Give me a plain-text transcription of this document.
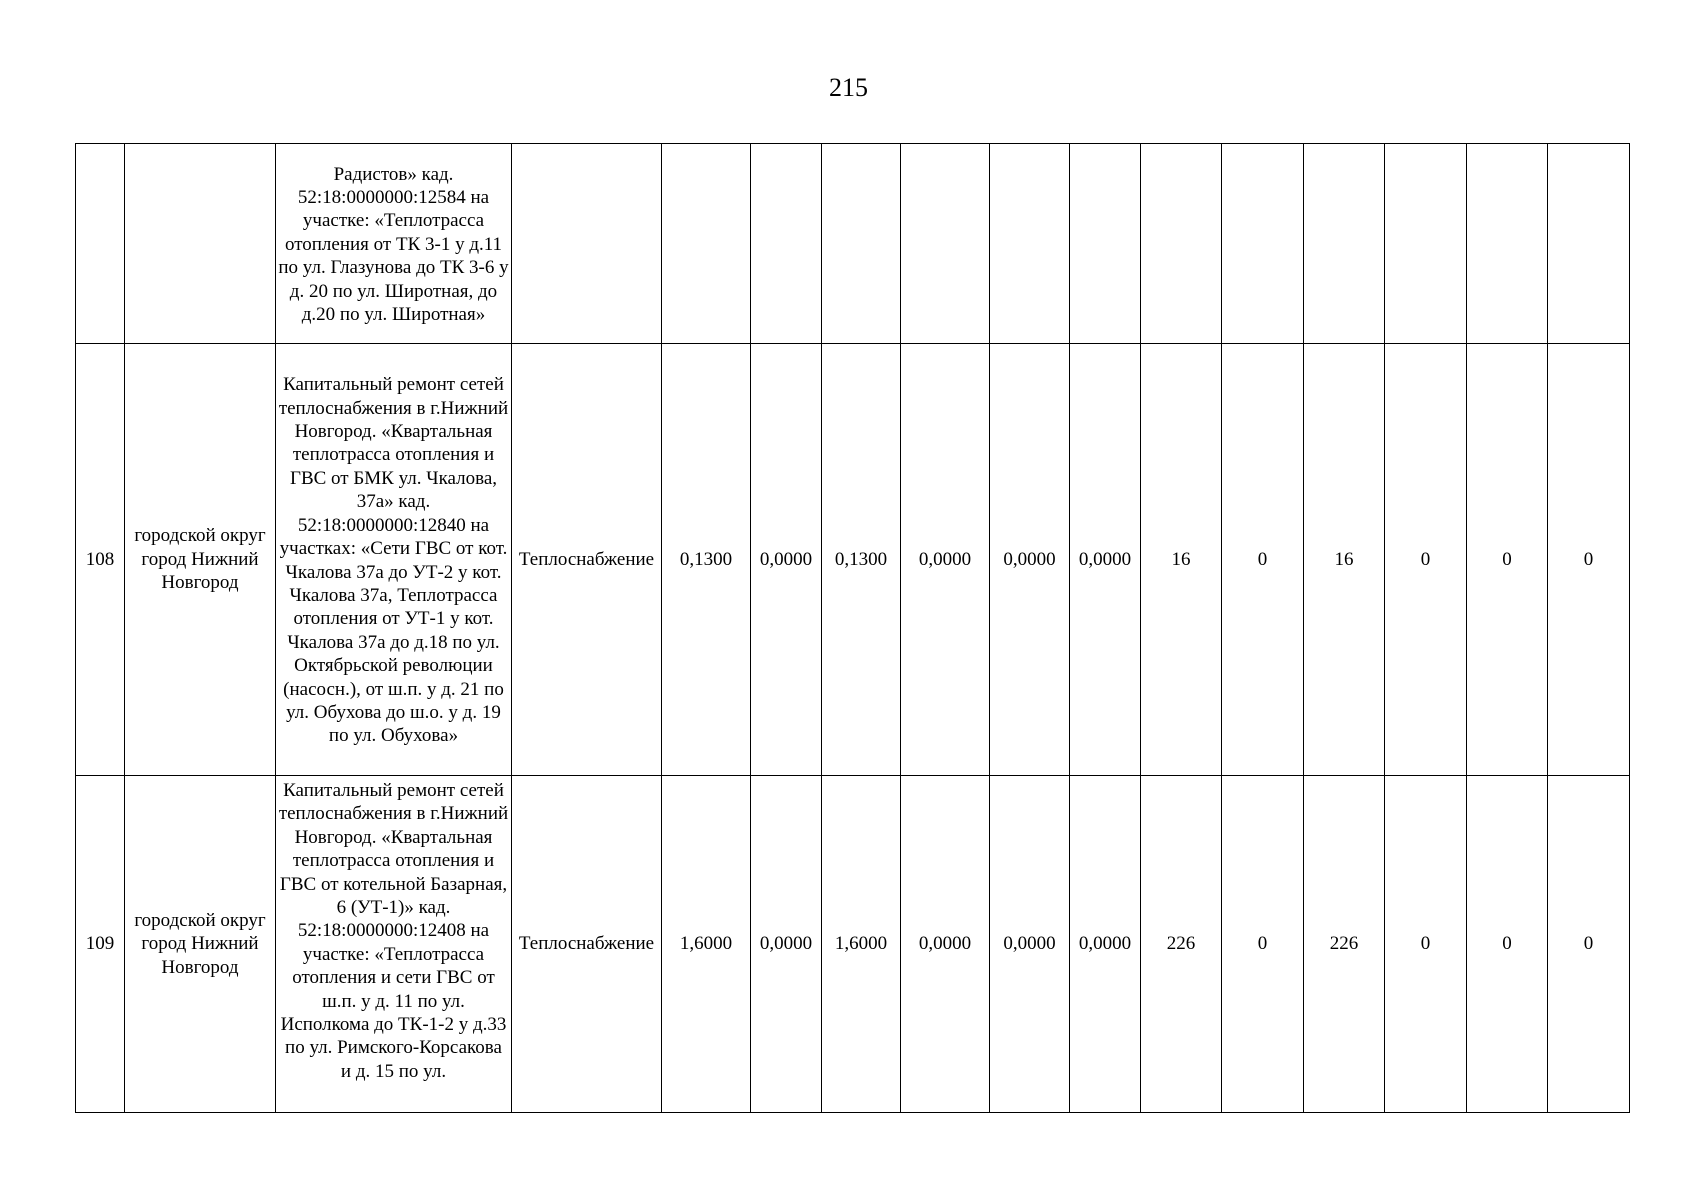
215
		Радистов» кад. 52:18:0000000:12584 на участке: «Теплотрасса отопления от ТК 3-1 у д.11 по ул. Глазунова до ТК 3-6 у д. 20 по ул. Широтная, до д.20 по ул. Широтная»													
108	городской округ город Нижний Новгород	Капитальный ремонт сетей теплоснабжения в г.Нижний Новгород. «Квартальная теплотрасса отопления и ГВС от БМК ул. Чкалова, 37а» кад. 52:18:0000000:12840 на участках: «Сети ГВС от кот. Чкалова 37а до УТ-2 у кот. Чкалова 37а, Теплотрасса отопления от УТ-1 у кот. Чкалова 37а до д.18 по ул. Октябрьской революции (насосн.), от ш.п. у д. 21 по ул. Обухова до ш.о. у д. 19 по ул. Обухова»	Теплоснабжение	0,1300	0,0000	0,1300	0,0000	0,0000	0,0000	16	0	16	0	0	0
109	городской округ город Нижний Новгород	Капитальный ремонт сетей теплоснабжения в г.Нижний Новгород. «Квартальная теплотрасса отопления и ГВС от котельной Базарная, 6 (УТ-1)» кад. 52:18:0000000:12408 на участке: «Теплотрасса отопления и сети ГВС от ш.п. у д. 11 по ул. Исполкома до ТК-1-2 у д.33 по ул. Римского-Корсакова и д. 15 по ул.	Теплоснабжение	1,6000	0,0000	1,6000	0,0000	0,0000	0,0000	226	0	226	0	0	0
